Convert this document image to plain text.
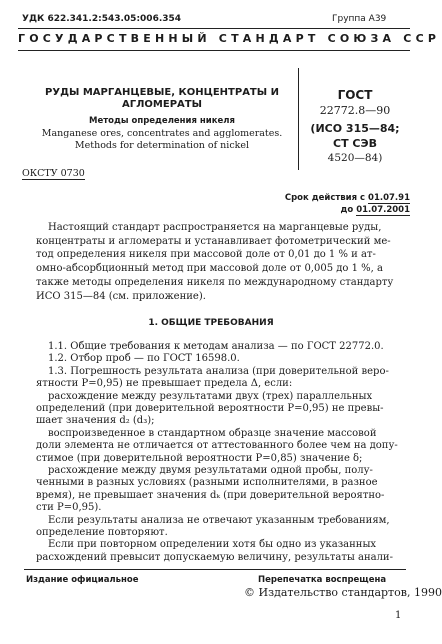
УДК 622.341.2:543.05:006.354	Группа А39
ГОСУДАРСТВЕННЫЙ СТАНДАРТ СОЮЗА ССР
РУДЫ МАРГАНЦЕВЫЕ, КОНЦЕНТРАТЫ И
АГЛОМЕРАТЫ
Методы определения никеля
Manganese ores, concentrates and agglomerates.
Methods for determination of nickel
ГОСТ
22772.8—90
(ИСО 315—84;
СТ СЭВ
4520—84)
ОКСТУ 0730
Срок действия с 01.07.91
до 01.07.2001
Настоящий стандарт распространяется на марганцевые руды,
концентраты и агломераты и устанавливает фотометрический ме-
тод определения никеля при массовой доле от 0,01 до 1 % и ат-
омно-абсорбционный метод при массовой доле от 0,005 до 1 %, а
также методы определения никеля по международному стандарту
ИСО 315—84 (см. приложение).
1. ОБЩИЕ ТРЕБОВАНИЯ
1.1. Общие требования к методам анализа — по ГОСТ 22772.0.
1.2. Отбор проб — по ГОСТ 16598.0.
1.3. Погрешность результата анализа (при доверительной веро-
ятности P=0,95) не превышает предела Δ, если:
расхождение между результатами двух (трех) параллельных
определений (при доверительной вероятности P=0,95) не превы-
шает значения d₂ (d₃);
воспроизведенное в стандартном образце значение массовой
доли элемента не отличается от аттестованного более чем на допу-
стимое (при доверительной вероятности P=0,85) значение δ;
расхождение между двумя результатами одной пробы, полу-
ченными в разных условиях (разными исполнителями, в разное
время), не превышает значения dₖ (при доверительной вероятно-
сти P=0,95).
Если результаты анализа не отвечают указанным требованиям,
определение повторяют.
Если при повторном определении хотя бы одно из указанных
расхождений превысит допускаемую величину, результаты анали-
Издание официальное	Перепечатка воспрещена
© Издательство стандартов, 1990
1
